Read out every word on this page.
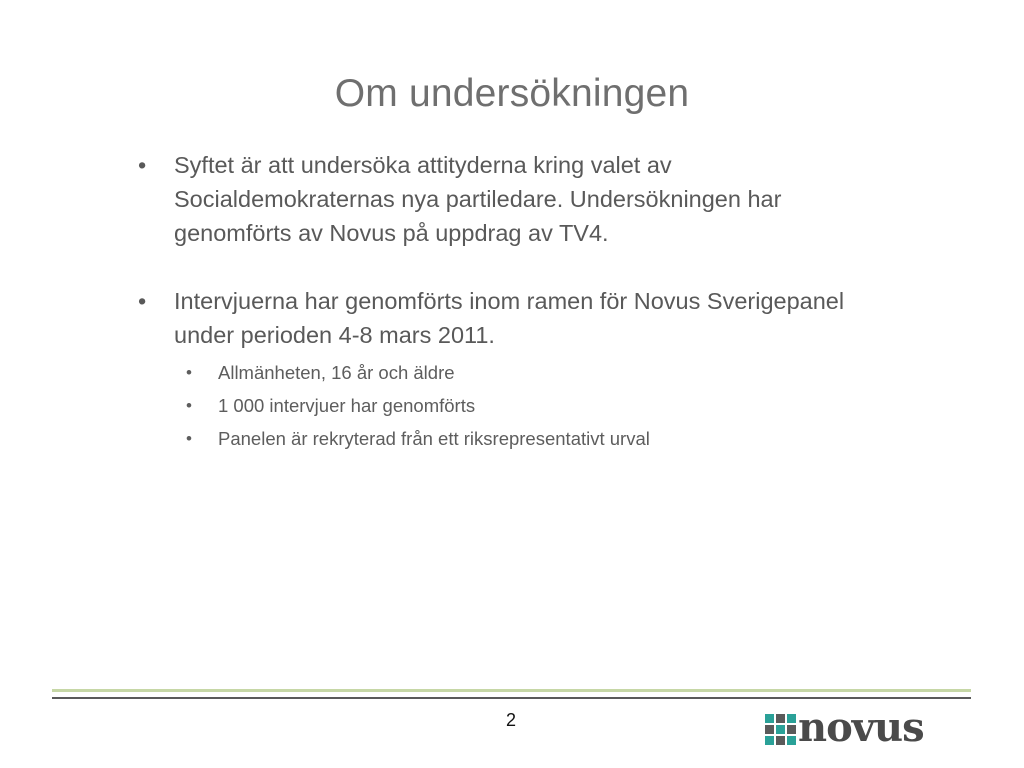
Om undersökningen
• Syftet är att undersöka attityderna kring valet av Socialdemokraternas nya partiledare. Undersökningen har genomförts av Novus på uppdrag av TV4.
• Intervjuerna har genomförts inom ramen för Novus Sverigepanel under perioden 4-8 mars 2011.
• Allmänheten, 16 år och äldre
• 1 000 intervjuer har genomförts
• Panelen är rekryterad från ett riksrepresentativt urval
2	novus
